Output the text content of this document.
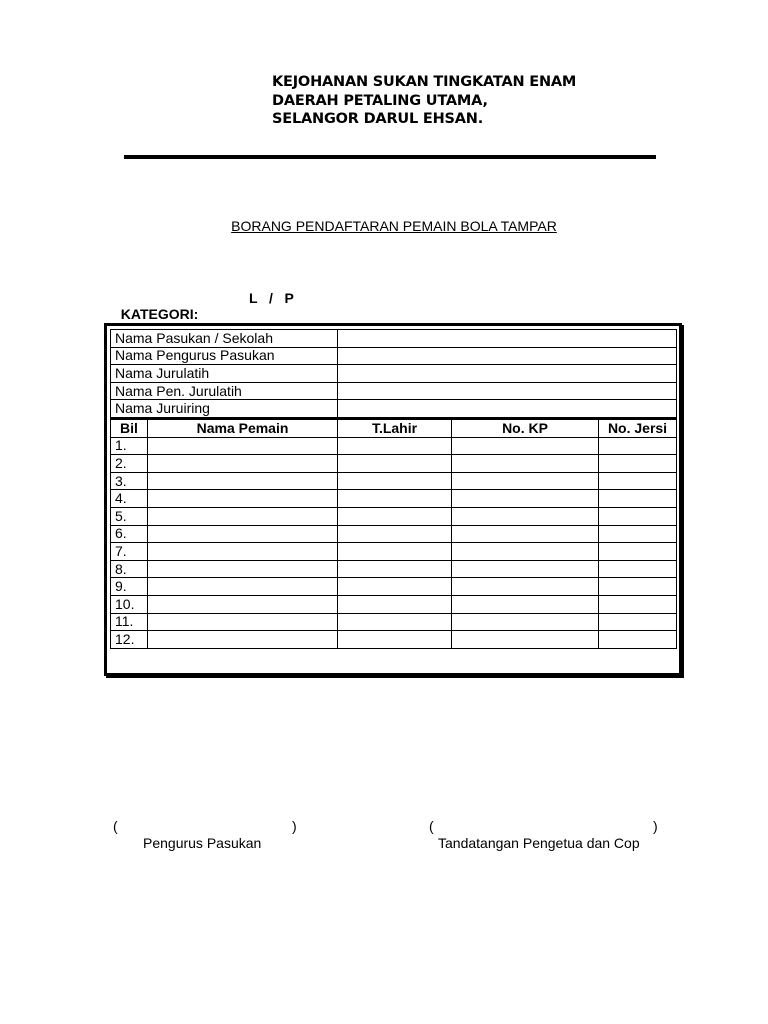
KEJOHANAN SUKAN TINGKATAN ENAM
DAERAH PETALING UTAMA,
SELANGOR DARUL EHSAN.
BORANG PENDAFTARAN PEMAIN BOLA TAMPAR

KATEGORI:

L   /   P

Nama Pasukan / Sekolah				
Nama Pengurus Pasukan				
Nama Jurulatih				
Nama Pen. Jurulatih				
Nama Juruiring				
Bil	Nama Pemain	T.Lahir	No. KP	No. Jersi
1.				
2.				
3.				
4.				
5.				
6.				
7.				
8.				
9.				
10.				
11.				
12.				
(	)
Pengurus Pasukan
(	)
Tandatangan Pengetua dan Cop
